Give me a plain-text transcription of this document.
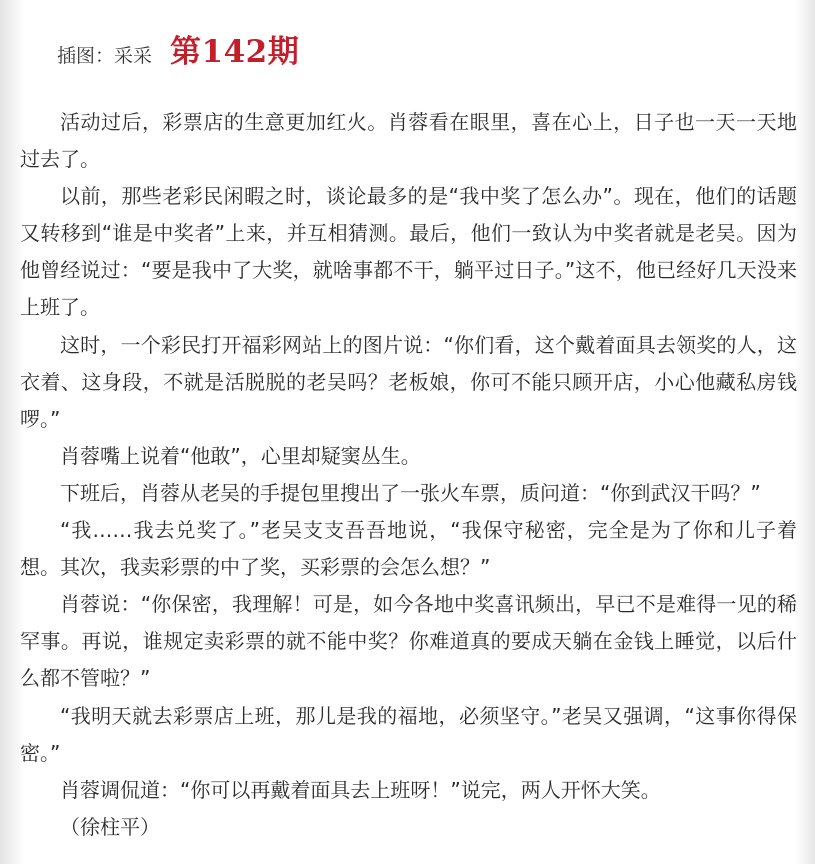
插图：采采 第142期

活动过后，彩票店的生意更加红火。肖蓉看在眼里，喜在心上，日子也一天一天地过去了。

以前，那些老彩民闲暇之时，谈论最多的是“我中奖了怎么办”。现在，他们的话题又转移到“谁是中奖者”上来，并互相猜测。最后，他们一致认为中奖者就是老吴。因为他曾经说过：“要是我中了大奖，就啥事都不干，躺平过日子。”这不，他已经好几天没来上班了。

这时，一个彩民打开福彩网站上的图片说：“你们看，这个戴着面具去领奖的人，这衣着、这身段，不就是活脱脱的老吴吗？老板娘，你可不能只顾开店，小心他藏私房钱啰。”

肖蓉嘴上说着“他敢”，心里却疑窦丛生。

下班后，肖蓉从老吴的手提包里搜出了一张火车票，质问道：“你到武汉干吗？”

“我……我去兑奖了。”老吴支支吾吾地说，“我保守秘密，完全是为了你和儿子着想。其次，我卖彩票的中了奖，买彩票的会怎么想？”

肖蓉说：“你保密，我理解！可是，如今各地中奖喜讯频出，早已不是难得一见的稀罕事。再说，谁规定卖彩票的就不能中奖？你难道真的要成天躺在金钱上睡觉，以后什么都不管啦？”

“我明天就去彩票店上班，那儿是我的福地，必须坚守。”老吴又强调，“这事你得保密。”

肖蓉调侃道：“你可以再戴着面具去上班呀！”说完，两人开怀大笑。

（徐柱平）
